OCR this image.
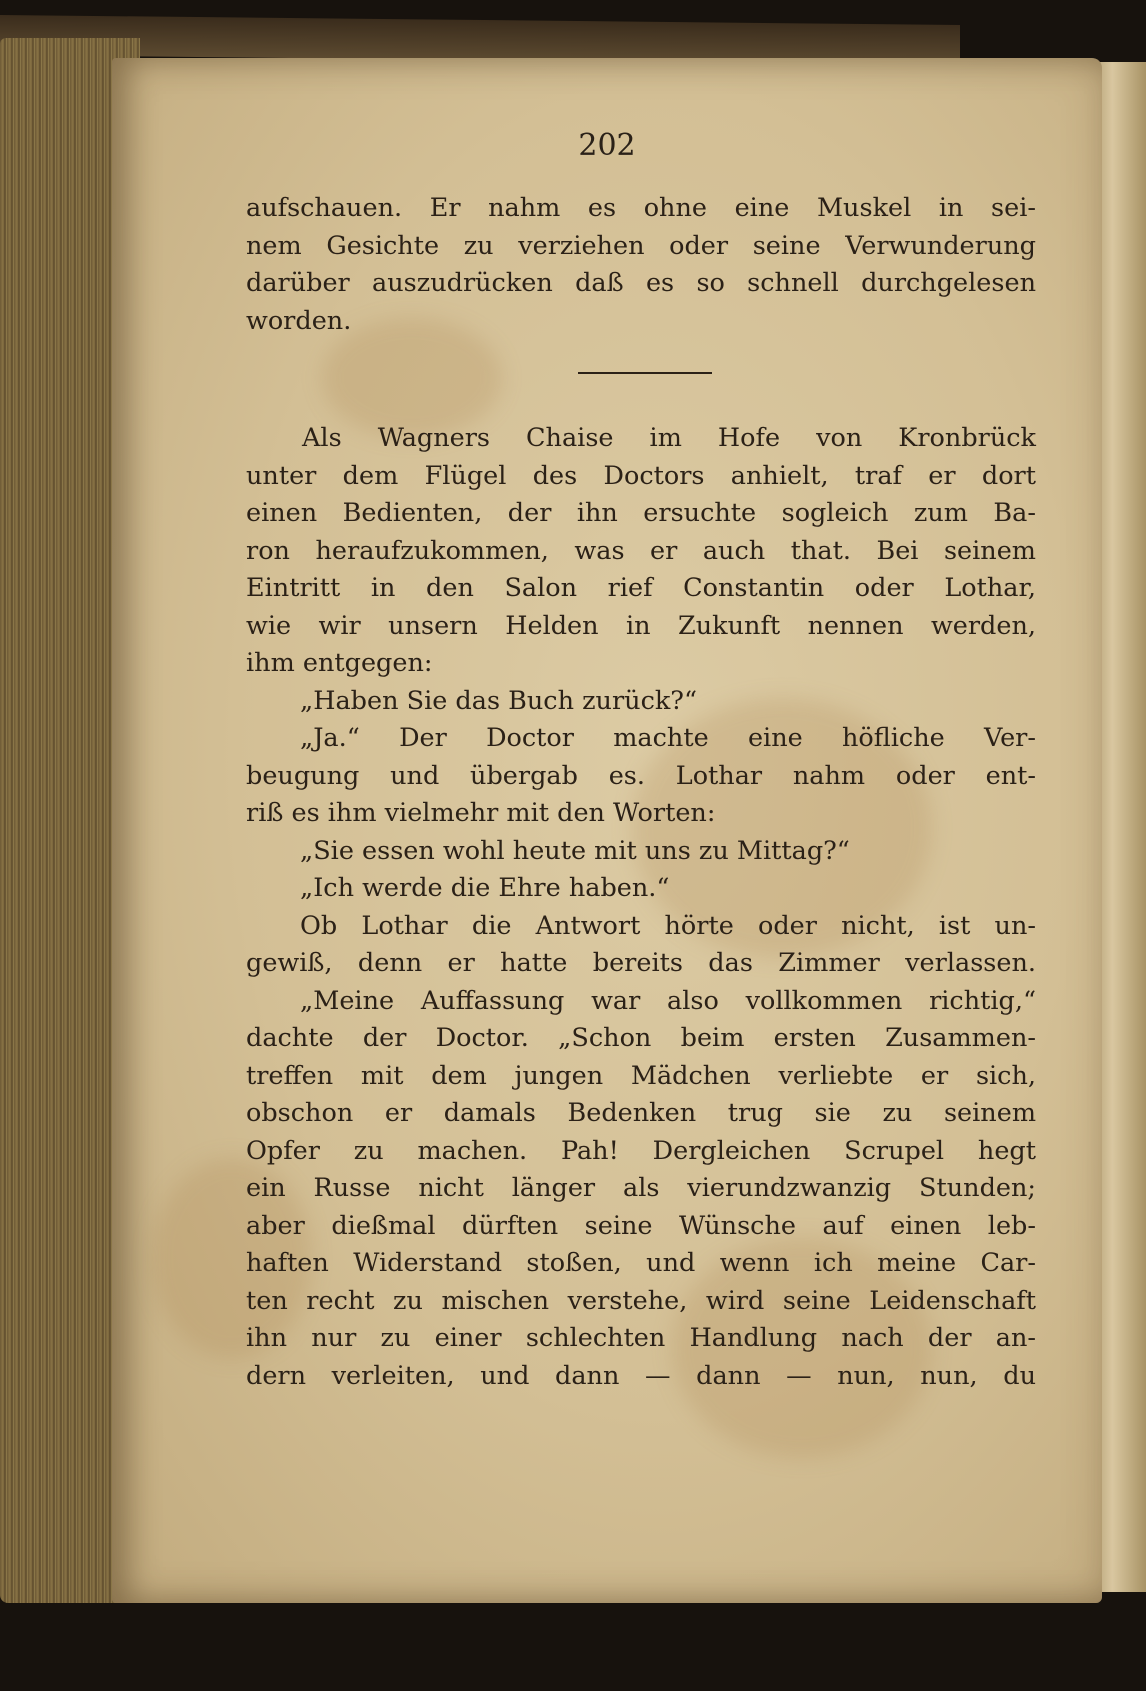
202
aufschauen. Er nahm es ohne eine Muskel in sei-
nem Gesichte zu verziehen oder seine Verwunderung
darüber auszudrücken daß es so schnell durchgelesen
worden.
Als Wagners Chaise im Hofe von Kronbrück
unter dem Flügel des Doctors anhielt, traf er dort
einen Bedienten, der ihn ersuchte sogleich zum Ba-
ron heraufzukommen, was er auch that. Bei seinem
Eintritt in den Salon rief Constantin oder Lothar,
wie wir unsern Helden in Zukunft nennen werden,
ihm entgegen:
„Haben Sie das Buch zurück?“
„Ja.“ Der Doctor machte eine höfliche Ver-
beugung und übergab es. Lothar nahm oder ent-
riß es ihm vielmehr mit den Worten:
„Sie essen wohl heute mit uns zu Mittag?“
„Ich werde die Ehre haben.“
Ob Lothar die Antwort hörte oder nicht, ist un-
gewiß, denn er hatte bereits das Zimmer verlassen.
„Meine Auffassung war also vollkommen richtig,“
dachte der Doctor. „Schon beim ersten Zusammen-
treffen mit dem jungen Mädchen verliebte er sich,
obschon er damals Bedenken trug sie zu seinem
Opfer zu machen. Pah! Dergleichen Scrupel hegt
ein Russe nicht länger als vierundzwanzig Stunden;
aber dießmal dürften seine Wünsche auf einen leb-
haften Widerstand stoßen, und wenn ich meine Car-
ten recht zu mischen verstehe, wird seine Leidenschaft
ihn nur zu einer schlechten Handlung nach der an-
dern verleiten, und dann — dann — nun, nun, du
